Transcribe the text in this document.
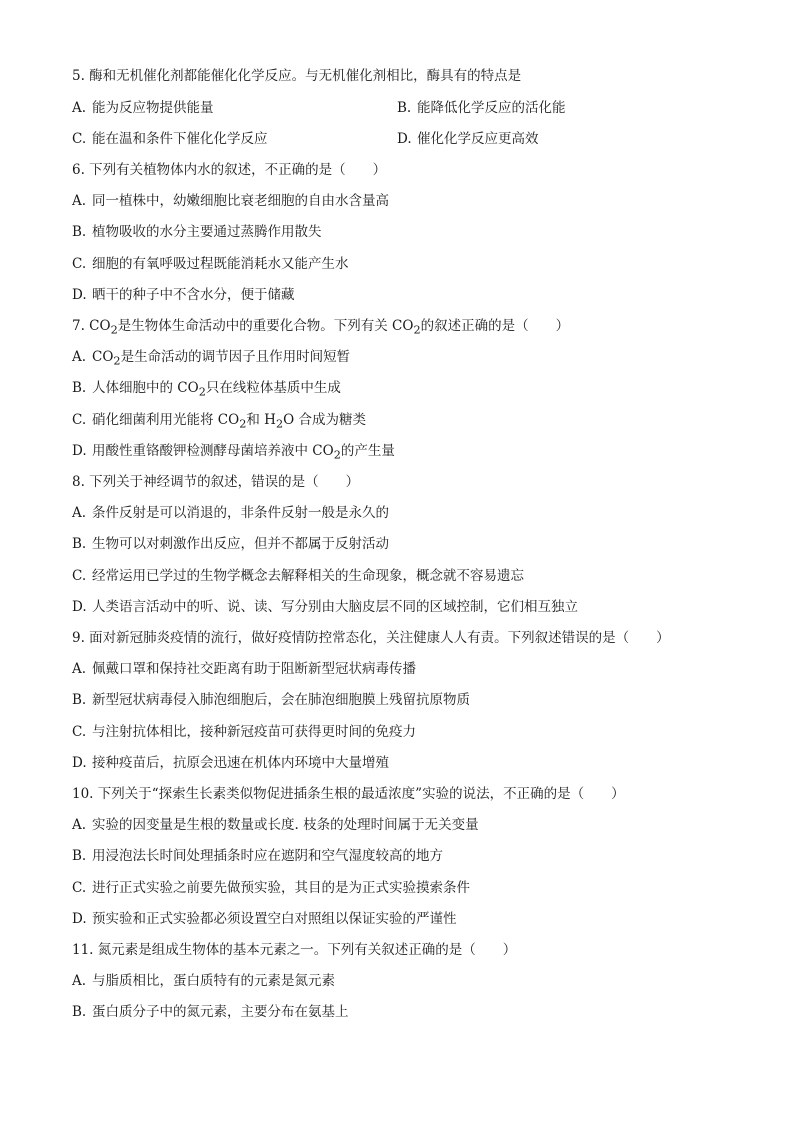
5. 酶和无机催化剂都能催化化学反应。与无机催化剂相比，酶具有的特点是
A. 能为反应物提供能量	B. 能降低化学反应的活化能
C. 能在温和条件下催化化学反应	D. 催化化学反应更高效
6. 下列有关植物体内水的叙述，不正确的是（　　）
A. 同一植株中，幼嫩细胞比衰老细胞的自由水含量高
B. 植物吸收的水分主要通过蒸腾作用散失
C. 细胞的有氧呼吸过程既能消耗水又能产生水
D. 晒干的种子中不含水分，便于储藏
7. $CO_2$是生物体生命活动中的重要化合物。下列有关 $CO_2$的叙述正确的是（　　）
A. $CO_2$是生命活动的调节因子且作用时间短暂
B. 人体细胞中的 $CO_2$只在线粒体基质中生成
C. 硝化细菌利用光能将 $CO_2$和 $H_2O$ 合成为糖类
D. 用酸性重铬酸钾检测酵母菌培养液中 $CO_2$的产生量
8. 下列关于神经调节的叙述，错误的是（　　）
A. 条件反射是可以消退的，非条件反射一般是永久的
B. 生物可以对刺激作出反应，但并不都属于反射活动
C. 经常运用已学过的生物学概念去解释相关的生命现象，概念就不容易遗忘
D. 人类语言活动中的听、说、读、写分别由大脑皮层不同的区域控制，它们相互独立
9. 面对新冠肺炎疫情的流行，做好疫情防控常态化，关注健康人人有责。下列叙述错误的是（　　）
A. 佩戴口罩和保持社交距离有助于阻断新型冠状病毒传播
B. 新型冠状病毒侵入肺泡细胞后，会在肺泡细胞膜上残留抗原物质
C. 与注射抗体相比，接种新冠疫苗可获得更时间的免疫力
D. 接种疫苗后，抗原会迅速在机体内环境中大量增殖
10. 下列关于“探索生长素类似物促进插条生根的最适浓度”实验的说法，不正确的是（　　）
A. 实验的因变量是生根的数量或长度. 枝条的处理时间属于无关变量
B. 用浸泡法长时间处理插条时应在遮阴和空气湿度较高的地方
C. 进行正式实验之前要先做预实验，其目的是为正式实验摸索条件
D. 预实验和正式实验都必须设置空白对照组以保证实验的严谨性
11. 氮元素是组成生物体的基本元素之一。下列有关叙述正确的是（　　）
A. 与脂质相比，蛋白质特有的元素是氮元素
B. 蛋白质分子中的氮元素，主要分布在氨基上
